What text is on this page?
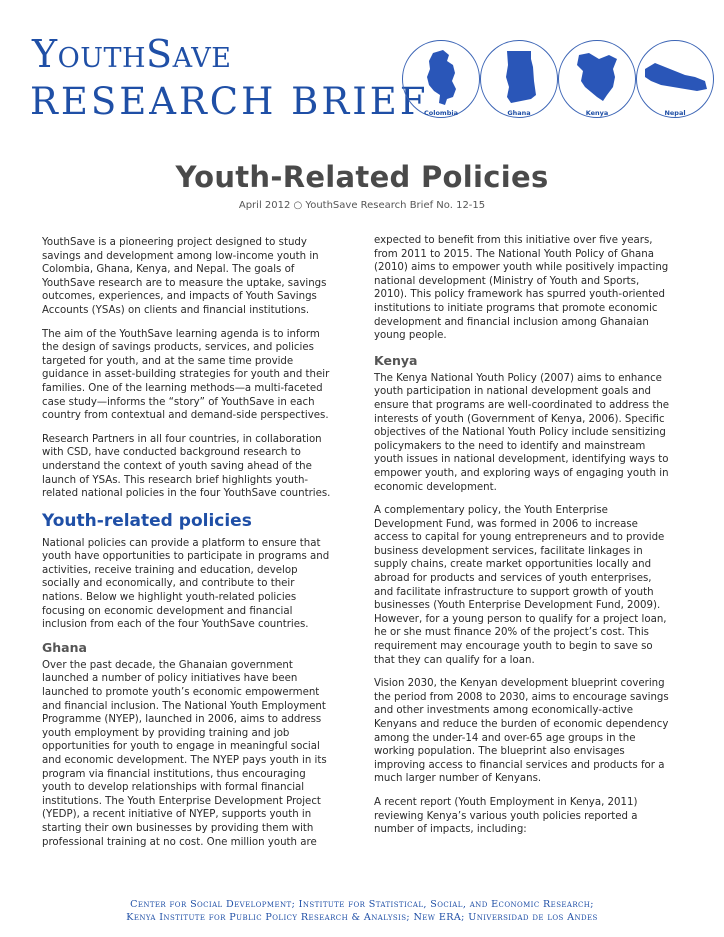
YouthSave
RESEARCH BRIEF
Colombia	Ghana	Kenya	Nepal
Youth-Related Policies
April 2012 ○ YouthSave Research Brief No. 12-15

YouthSave is a pioneering project designed to study savings and development among low-income youth in Colombia, Ghana, Kenya, and Nepal. The goals of YouthSave research are to measure the uptake, savings outcomes, experiences, and impacts of Youth Savings Accounts (YSAs) on clients and financial institutions.

The aim of the YouthSave learning agenda is to inform the design of savings products, services, and policies targeted for youth, and at the same time provide guidance in asset-building strategies for youth and their families. One of the learning methods—a multi-faceted case study—informs the “story” of YouthSave in each country from contextual and demand-side perspectives.

Research Partners in all four countries, in collaboration with CSD, have conducted background research to understand the context of youth saving ahead of the launch of YSAs. This research brief highlights youth-related national policies in the four YouthSave countries.

Youth-related policies

National policies can provide a platform to ensure that youth have opportunities to participate in programs and activities, receive training and education, develop socially and economically, and contribute to their nations. Below we highlight youth-related policies focusing on economic development and financial inclusion from each of the four YouthSave countries.

Ghana

Over the past decade, the Ghanaian government launched a number of policy initiatives have been launched to promote youth’s economic empowerment and financial inclusion. The National Youth Employment Programme (NYEP), launched in 2006, aims to address youth employment by providing training and job opportunities for youth to engage in meaningful social and economic development. The NYEP pays youth in its program via financial institutions, thus encouraging youth to develop relationships with formal financial institutions. The Youth Enterprise Development Project (YEDP), a recent initiative of NYEP, supports youth in starting their own businesses by providing them with professional training at no cost. One million youth are

expected to benefit from this initiative over five years, from 2011 to 2015. The National Youth Policy of Ghana (2010) aims to empower youth while positively impacting national development (Ministry of Youth and Sports, 2010). This policy framework has spurred youth-oriented institutions to initiate programs that promote economic development and financial inclusion among Ghanaian young people.

Kenya

The Kenya National Youth Policy (2007) aims to enhance youth participation in national development goals and ensure that programs are well-coordinated to address the interests of youth (Government of Kenya, 2006). Specific objectives of the National Youth Policy include sensitizing policymakers to the need to identify and mainstream youth issues in national development, identifying ways to empower youth, and exploring ways of engaging youth in economic development.

A complementary policy, the Youth Enterprise Development Fund, was formed in 2006 to increase access to capital for young entrepreneurs and to provide business development services, facilitate linkages in supply chains, create market opportunities locally and abroad for products and services of youth enterprises, and facilitate infrastructure to support growth of youth businesses (Youth Enterprise Development Fund, 2009). However, for a young person to qualify for a project loan, he or she must finance 20% of the project’s cost. This requirement may encourage youth to begin to save so that they can qualify for a loan.

Vision 2030, the Kenyan development blueprint covering the period from 2008 to 2030, aims to encourage savings and other investments among economically-active Kenyans and reduce the burden of economic dependency among the under-14 and over-65 age groups in the working population. The blueprint also envisages improving access to financial services and products for a much larger number of Kenyans.

A recent report (Youth Employment in Kenya, 2011) reviewing Kenya’s various youth policies reported a number of impacts, including:

Center for Social Development; Institute for Statistical, Social, and Economic Research;
Kenya Institute for Public Policy Research & Analysis; New ERA; Universidad de los Andes
